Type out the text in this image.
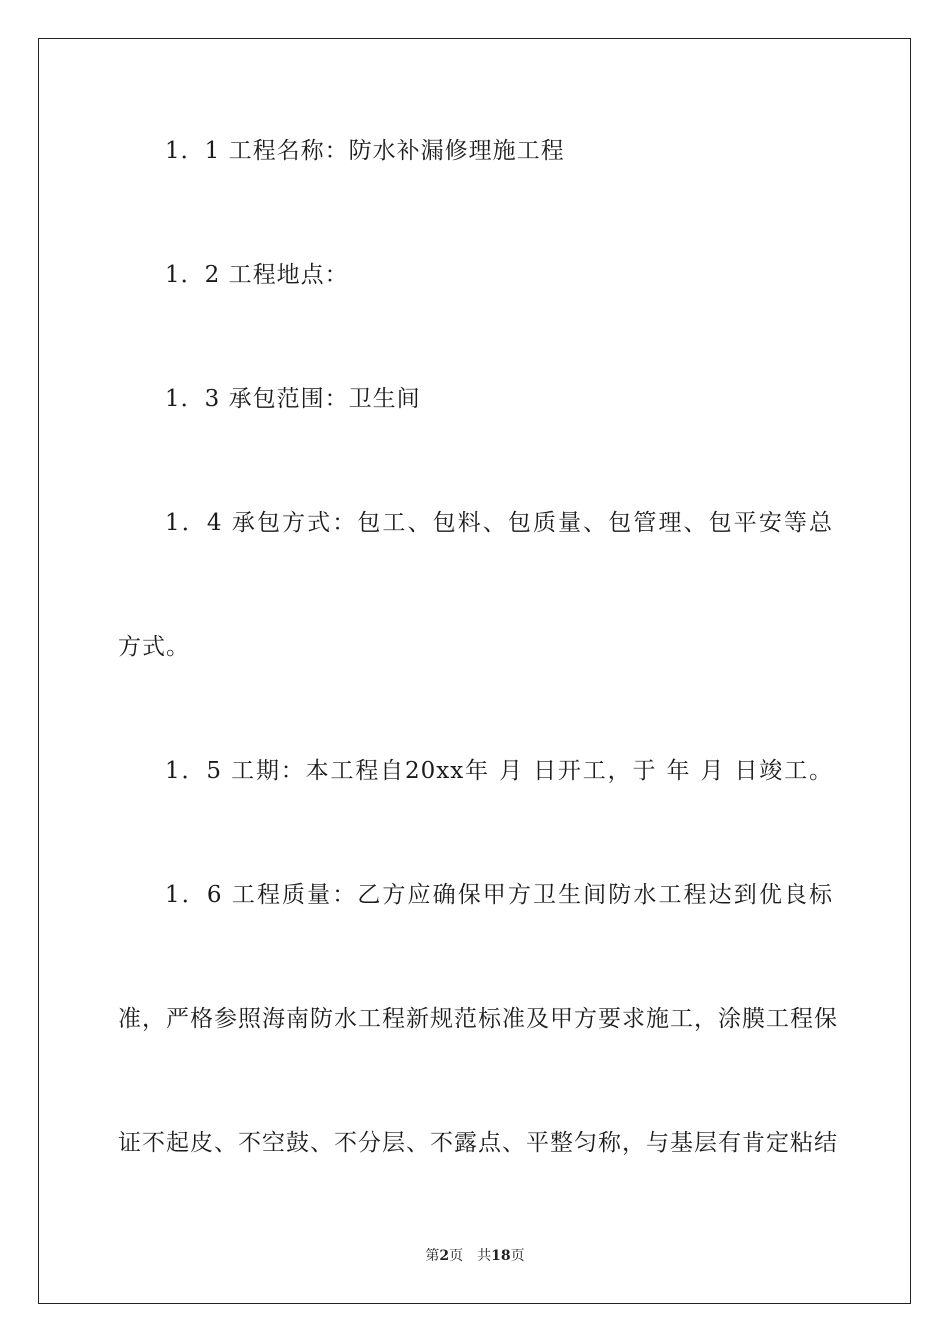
1．1 工程名称：防水补漏修理施工程
1．2 工程地点：
1．3 承包范围：卫生间
1．4 承包方式：包工、包料、包质量、包管理、包平安等总
方式。
1．5 工期：本工程自20xx年 月 日开工，于 年 月 日竣工。
1．6 工程质量：乙方应确保甲方卫生间防水工程达到优良标
准，严格参照海南防水工程新规范标准及甲方要求施工，涂膜工程保
证不起皮、不空鼓、不分层、不露点、平整匀称，与基层有肯定粘结
第2页 共18页
